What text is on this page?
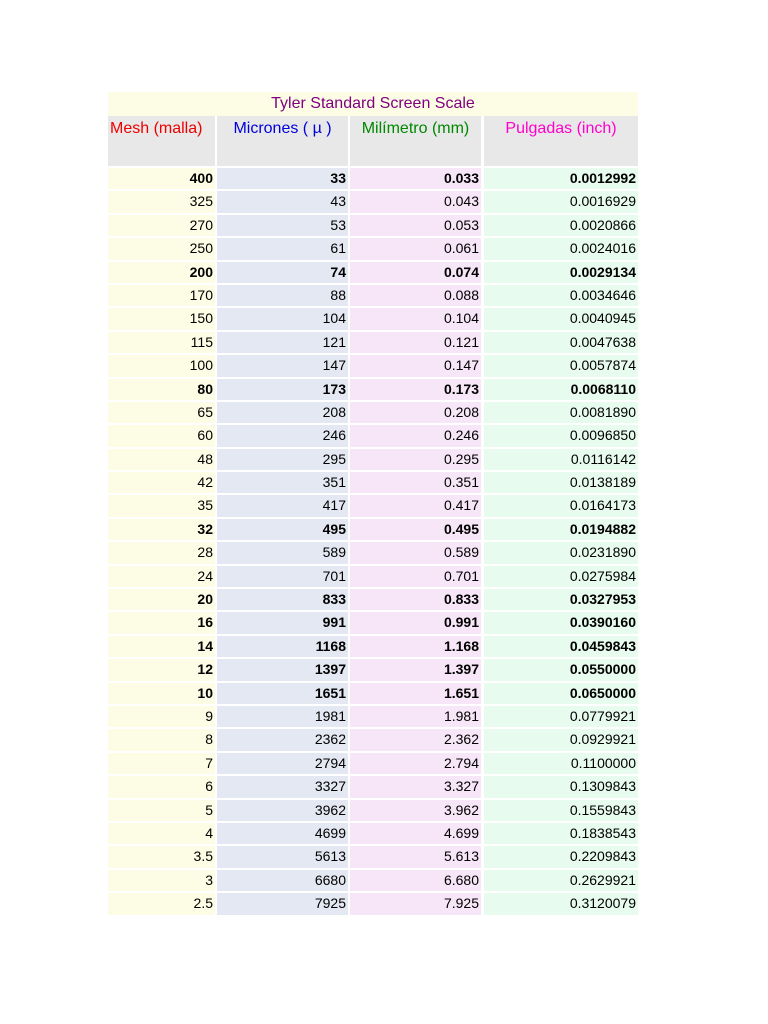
Tyler Standard Screen Scale
Mesh (malla)	Micrones ( µ )	Milímetro (mm)	Pulgadas (inch)
400	33	0.033	0.0012992
325	43	0.043	0.0016929
270	53	0.053	0.0020866
250	61	0.061	0.0024016
200	74	0.074	0.0029134
170	88	0.088	0.0034646
150	104	0.104	0.0040945
115	121	0.121	0.0047638
100	147	0.147	0.0057874
80	173	0.173	0.0068110
65	208	0.208	0.0081890
60	246	0.246	0.0096850
48	295	0.295	0.0116142
42	351	0.351	0.0138189
35	417	0.417	0.0164173
32	495	0.495	0.0194882
28	589	0.589	0.0231890
24	701	0.701	0.0275984
20	833	0.833	0.0327953
16	991	0.991	0.0390160
14	1168	1.168	0.0459843
12	1397	1.397	0.0550000
10	1651	1.651	0.0650000
9	1981	1.981	0.0779921
8	2362	2.362	0.0929921
7	2794	2.794	0.1100000
6	3327	3.327	0.1309843
5	3962	3.962	0.1559843
4	4699	4.699	0.1838543
3.5	5613	5.613	0.2209843
3	6680	6.680	0.2629921
2.5	7925	7.925	0.3120079
